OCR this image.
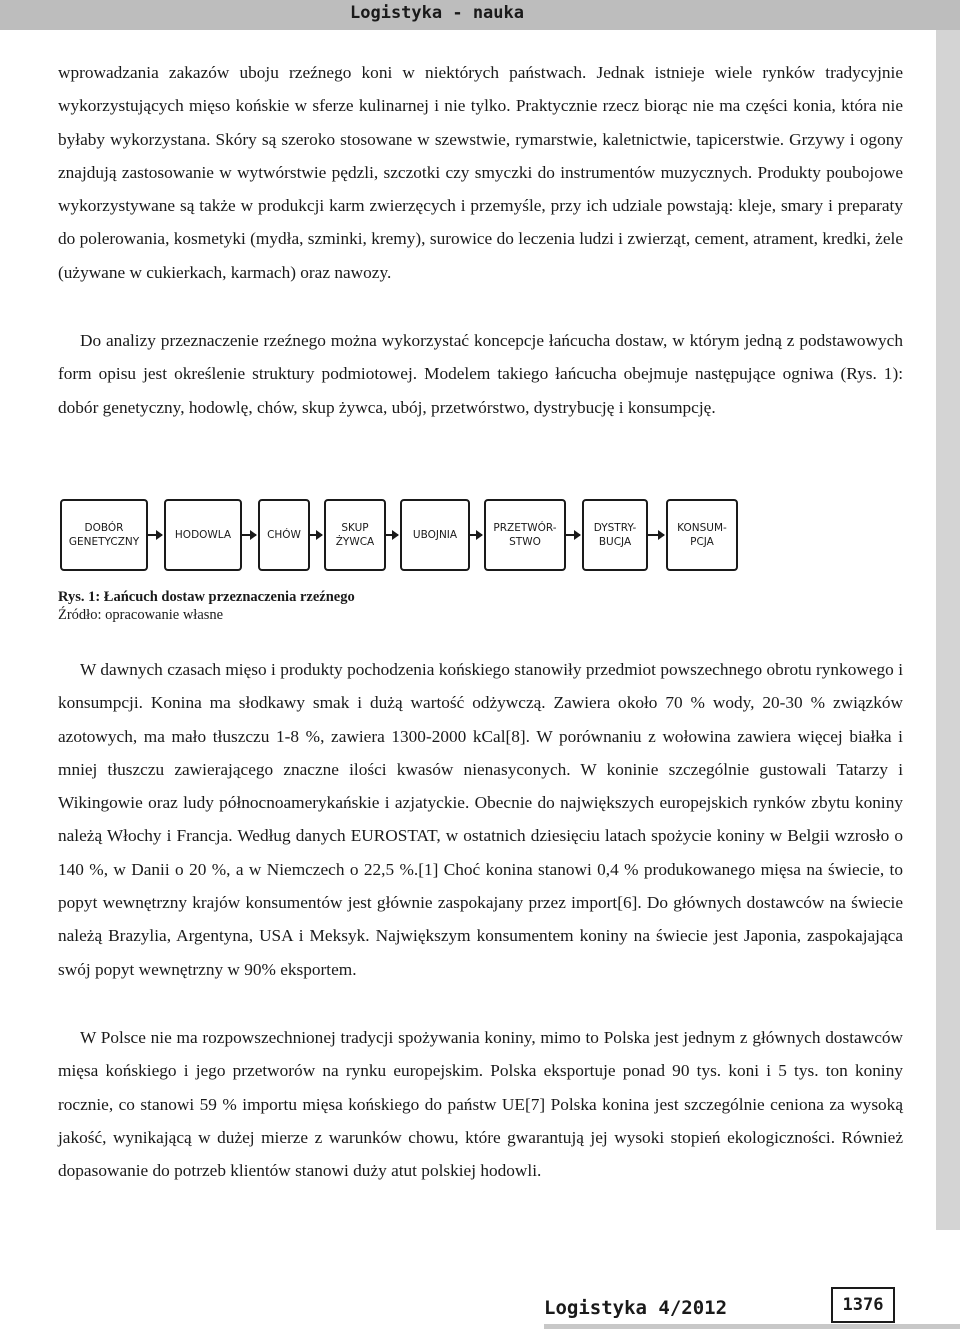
Logistyka - nauka

wprowadzania zakazów uboju rzeźnego koni w niektórych państwach. Jednak istnieje wiele rynków tradycyjnie wykorzystujących mięso końskie w sferze kulinarnej i nie tylko. Praktycznie rzecz biorąc nie ma części konia, która nie byłaby wykorzystana. Skóry są szeroko stosowane w szewstwie, rymarstwie, kaletnictwie, tapicerstwie. Grzywy i ogony znajdują zastosowanie w wytwórstwie pędzli, szczotki czy smyczki do instrumentów muzycznych. Produkty poubojowe wykorzystywane są także w produkcji karm zwierzęcych i przemyśle, przy ich udziale powstają: kleje, smary i preparaty do polerowania, kosmetyki (mydła, szminki, kremy), surowice do leczenia ludzi i zwierząt, cement, atrament, kredki, żele (używane w cukierkach, karmach) oraz nawozy.

Do analizy przeznaczenie rzeźnego można wykorzystać koncepcje łańcucha dostaw, w którym jedną z podstawowych form opisu jest określenie struktury podmiotowej. Modelem takiego łańcucha obejmuje następujące ogniwa (Rys. 1): dobór genetyczny, hodowlę, chów, skup żywca, ubój, przetwórstwo, dystrybucję i konsumpcję.

DOBÓR
GENETYCZNY
HODOWLA	CHÓW
SKUP
ŻYWCA
UBOJNIA
PRZETWÓR-
STWO
DYSTRY-
BUCJA
KONSUM-
PCJA
Rys. 1: Łańcuch dostaw przeznaczenia rzeźnego
Źródło: opracowanie własne

W dawnych czasach mięso i produkty pochodzenia końskiego stanowiły przedmiot powszechnego obrotu rynkowego i konsumpcji. Konina ma słodkawy smak i dużą wartość odżywczą. Zawiera około 70 % wody, 20-30 % związków azotowych, ma mało tłuszczu 1-8 %, zawiera 1300-2000 kCal[8]. W porównaniu z wołowina zawiera więcej białka i mniej tłuszczu zawierającego znaczne ilości kwasów nienasyconych. W koninie szczególnie gustowali Tatarzy i Wikingowie oraz ludy północnoamerykańskie i azjatyckie. Obecnie do największych europejskich rynków zbytu koniny należą Włochy i Francja. Według danych EUROSTAT, w ostatnich dziesięciu latach spożycie koniny w Belgii wzrosło o 140 %, w Danii o 20 %, a w Niemczech o 22,5 %.[1] Choć konina stanowi 0,4 % produkowanego mięsa na świecie, to popyt wewnętrzny krajów konsumentów jest głównie zaspokajany przez import[6]. Do głównych dostawców na świecie należą Brazylia, Argentyna, USA i Meksyk. Największym konsumentem koniny na świecie jest Japonia, zaspokajająca swój popyt wewnętrzny w 90% eksportem.

W Polsce nie ma rozpowszechnionej tradycji spożywania koniny, mimo to Polska jest jednym z głównych dostawców mięsa końskiego i jego przetworów na rynku europejskim. Polska eksportuje ponad 90 tys. koni i 5 tys. ton koniny rocznie, co stanowi 59 % importu mięsa końskiego do państw UE[7] Polska konina jest szczególnie ceniona za wysoką jakość, wynikającą w dużej mierze z warunków chowu, które gwarantują jej wysoki stopień ekologiczności. Również dopasowanie do potrzeb klientów stanowi duży atut polskiej hodowli.

Logistyka 4/2012	1376
